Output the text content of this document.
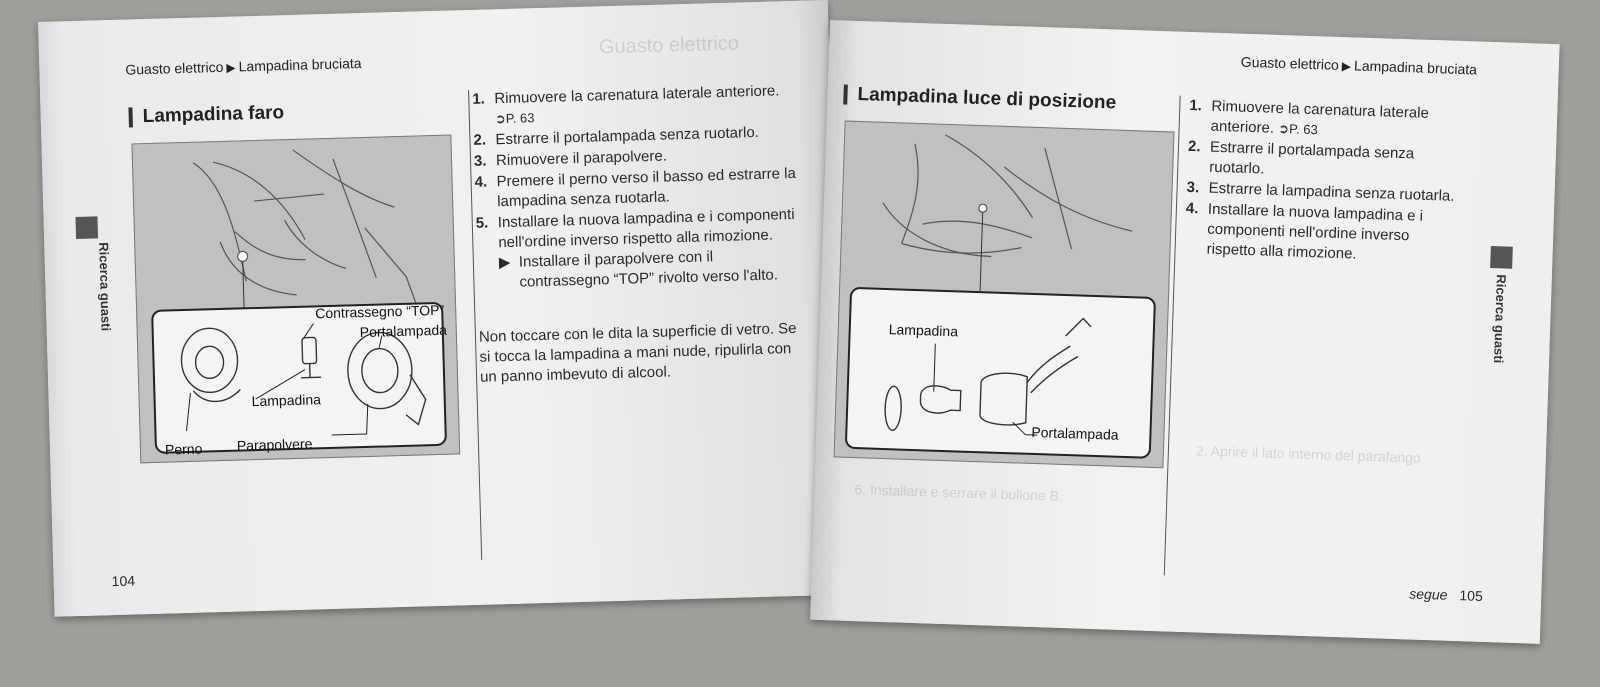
Guasto elettrico ▶ Lampadina bruciata
Lampadina faro
Contrassegno “TOP”
Portalampada
Lampadina
Perno Parapolvere
1. Rimuovere la carenatura laterale anteriore. ➲P. 63
2. Estrarre il portalampada senza ruotarlo.
3. Rimuovere il parapolvere.
4. Premere il perno verso il basso ed estrarre la lampadina senza ruotarla.
5. Installare la nuova lampadina e i componenti nell'ordine inverso rispetto alla rimozione.
▶ Installare il parapolvere con il contrassegno “TOP” rivolto verso l'alto.
Non toccare con le dita la superficie di vetro. Se si tocca la lampadina a mani nude, ripulirla con un panno imbevuto di alcool.
Guasto elettrico
Ricerca guasti
104
Guasto elettrico ▶ Lampadina bruciata
Lampadina luce di posizione
Lampadina
Portalampada
1. Rimuovere la carenatura laterale anteriore. ➲P. 63
2. Estrarre il portalampada senza ruotarlo.
3. Estrarre la lampadina senza ruotarla.
4. Installare la nuova lampadina e i componenti nell'ordine inverso rispetto alla rimozione.
6. Installare e serrare il bullone B.
2. Aprire il lato interno del parafango
Ricerca guasti
segue 105
